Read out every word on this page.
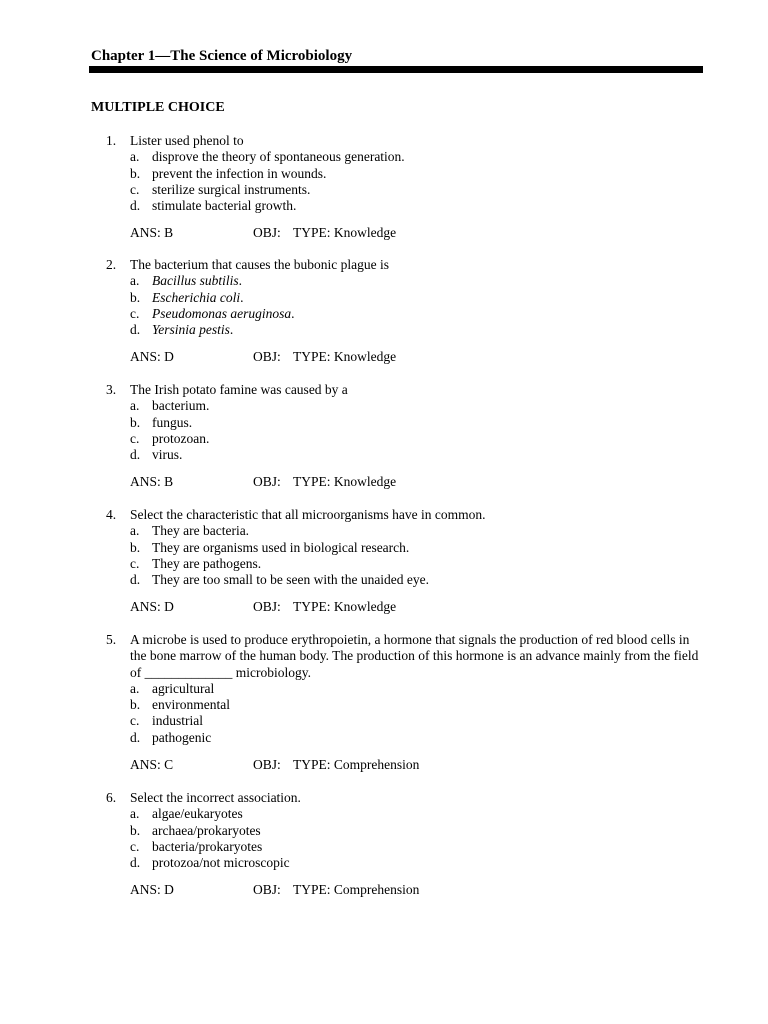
Chapter 1—The Science of Microbiology
MULTIPLE CHOICE
1.	Lister used phenol to
a. disprove the theory of spontaneous generation.
b. prevent the infection in wounds.
c. sterilize surgical instruments.
d. stimulate bacterial growth.
ANS: B	OBJ: TYPE: Knowledge
2.	The bacterium that causes the bubonic plague is
a. Bacillus subtilis.
b. Escherichia coli.
c. Pseudomonas aeruginosa.
d. Yersinia pestis.
ANS: D	OBJ: TYPE: Knowledge
3.	The Irish potato famine was caused by a
a. bacterium.
b. fungus.
c. protozoan.
d. virus.
ANS: B	OBJ: TYPE: Knowledge
4.	Select the characteristic that all microorganisms have in common.
a. They are bacteria.
b. They are organisms used in biological research.
c. They are pathogens.
d. They are too small to be seen with the unaided eye.
ANS: D	OBJ: TYPE: Knowledge
5.	A microbe is used to produce erythropoietin, a hormone that signals the production of red blood cells in the bone marrow of the human body. The production of this hormone is an advance mainly from the field of _____________ microbiology.
a. agricultural
b. environmental
c. industrial
d. pathogenic
ANS: C	OBJ: TYPE: Comprehension
6.	Select the incorrect association.
a. algae/eukaryotes
b. archaea/prokaryotes
c. bacteria/prokaryotes
d. protozoa/not microscopic
ANS: D	OBJ: TYPE: Comprehension
